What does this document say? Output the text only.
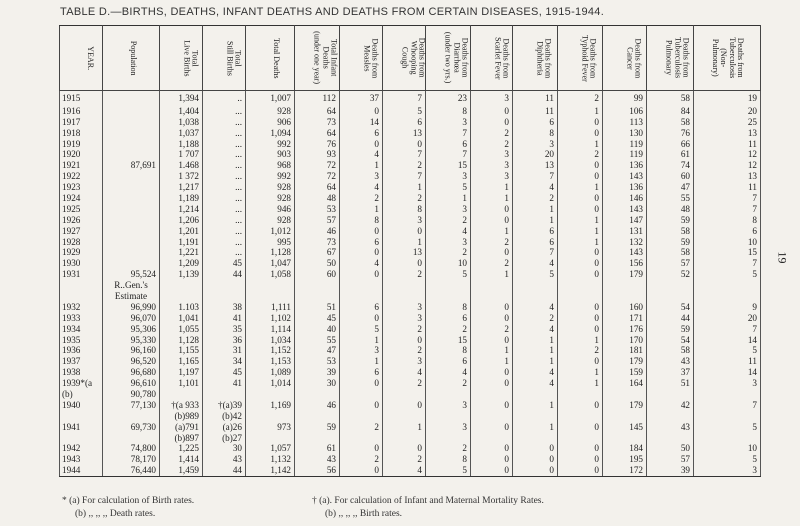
TABLE D.—BIRTHS, DEATHS, INFANT DEATHS AND DEATHS FROM CERTAIN DISEASES, 1915-1944.
19
YEAR.	Population	Total
Live Births	Total
Still Births	Total Deaths	Total Infant
Deaths
(under one year)	Deaths from
Measles	Deaths from
Whooping
Cough	Deaths from
Diarrhœa
(under two yrs.)	Deaths from
Scarlet Fever	Deaths from
Diphtheria	Deaths from
Typhoid Fever	Deaths from
Cancer	Deaths from
Tuberculosis
Pulmonary	Deaths from
Tuberculosis
(Non-
Pulmonary)
1915		1,394	..	1,007	112	37	7	23	3	11	2	99	58	19
1916		1,404	...	928	64	0	5	8	0	11	1	106	84	20
1917		1,038	...	906	73	14	6	3	0	6	0	113	58	25
1918		1,037	...	1,094	64	6	13	7	2	8	0	130	76	13
1919		1,188	...	992	76	0	0	6	2	3	1	119	66	11
1920		1 707	...	903	93	4	7	7	3	20	2	119	61	12
1921	87,691	1.468	...	968	72	1	2	15	3	13	0	136	74	12
1922		1 372	...	992	72	3	7	3	3	7	0	143	60	13
1923		1,217	...	928	64	4	1	5	1	4	1	136	47	11
1924		1,189	...	928	48	2	2	1	1	2	0	146	55	7
1925		1,214	...	946	53	1	8	3	0	1	0	143	48	7
1926		1,206	...	928	57	8	3	2	0	1	1	147	59	8
1927		1,201	...	1,012	46	0	0	4	1	6	1	131	58	6
1928		1,191	...	995	73	6	1	3	2	6	1	132	59	10
1929		1,221	...	1,128	67	0	13	2	0	7	0	143	58	15
1930		1,209	45	1,047	50	4	0	10	2	4	0	156	57	7
1931	95,524	1,139	44	1,058	60	0	2	5	1	5	0	179	52	5
	R..Gen.'s													
	Estimate													
1932	96,990	1.103	38	1,111	51	6	3	8	0	4	0	160	54	9
1933	96,070	1,041	41	1,102	45	0	3	6	0	2	0	171	44	20
1934	95,306	1,055	35	1,114	40	5	2	2	2	4	0	176	59	7
1935	95,330	1,128	36	1,034	55	1	0	15	0	1	1	170	54	14
1936	96,160	1,155	31	1,152	47	3	2	8	1	1	2	181	58	5
1937	96,520	1,165	34	1,153	53	1	3	6	1	1	0	179	43	11
1938	96,680	1,197	45	1,089	39	6	4	4	0	4	1	159	37	14
1939*(a	96,610	1,101	41	1,014	30	0	2	2	0	4	1	164	51	3
(b)	90,780													
1940	77,130	†(a 933	†(a)39	1,169	46	0	0	3	0	1	0	179	42	7
		(b)989	(b)42											
1941	69,730	(a)791	(a)26	973	59	2	1	3	0	1	0	145	43	5
		(b)897	(b)27											
1942	74,800	1,225	30	1,057	61	0	0	2	0	0	0	184	50	10
1943	78,170	1,414	43	1,132	43	2	2	8	0	0	0	195	57	5
1944	76,440	1,459	44	1,142	56	0	4	5	0	0	0	172	39	3
* (a) For calculation of Birth rates.
(b) ,, ,, ,, Death rates.
† (a). For calculation of Infant and Maternal Mortality Rates.
(b) ,, ,, ,, Birth rates.
